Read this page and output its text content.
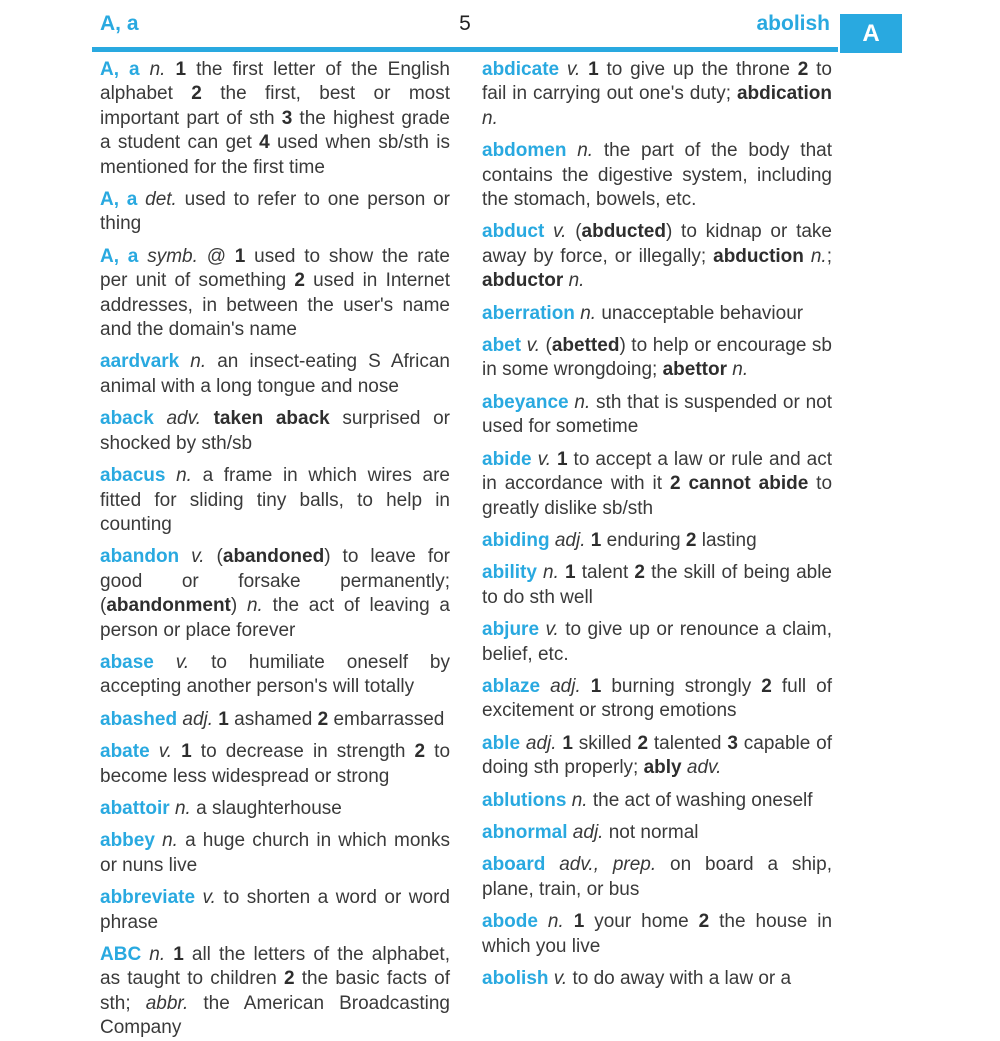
A, a	5	abolish A

A, a n. 1 the first letter of the English alphabet 2 the first, best or most important part of sth 3 the highest grade a student can get 4 used when sb/sth is mentioned for the first time

A, a det. used to refer to one person or thing

A, a symb. @ 1 used to show the rate per unit of something 2 used in Internet addresses, in between the user's name and the domain's name

aardvark n. an insect-eating S African animal with a long tongue and nose

aback adv. taken aback surprised or shocked by sth/sb

abacus n. a frame in which wires are fitted for sliding tiny balls, to help in counting

abandon v. (abandoned) to leave for good or forsake permanently; (abandonment) n. the act of leaving a person or place forever

abase v. to humiliate oneself by accepting another person's will totally

abashed adj. 1 ashamed 2 embarrassed

abate v. 1 to decrease in strength 2 to become less widespread or strong

abattoir n. a slaughterhouse

abbey n. a huge church in which monks or nuns live

abbreviate v. to shorten a word or word phrase

ABC n. 1 all the letters of the alphabet, as taught to children 2 the basic facts of sth; abbr. the American Broadcasting Company

abdicate v. 1 to give up the throne 2 to fail in carrying out one's duty; abdication n.

abdomen n. the part of the body that contains the digestive system, including the stomach, bowels, etc.

abduct v. (abducted) to kidnap or take away by force, or illegally; abduction n.; abductor n.

aberration n. unacceptable behaviour

abet v. (abetted) to help or encourage sb in some wrongdoing; abettor n.

abeyance n. sth that is suspended or not used for sometime

abide v. 1 to accept a law or rule and act in accordance with it 2 cannot abide to greatly dislike sb/sth

abiding adj. 1 enduring 2 lasting

ability n. 1 talent 2 the skill of being able to do sth well

abjure v. to give up or renounce a claim, belief, etc.

ablaze adj. 1 burning strongly 2 full of excitement or strong emotions

able adj. 1 skilled 2 talented 3 capable of doing sth properly; ably adv.

ablutions n. the act of washing oneself

abnormal adj. not normal

aboard adv., prep. on board a ship, plane, train, or bus

abode n. 1 your home 2 the house in which you live

abolish v. to do away with a law or a
